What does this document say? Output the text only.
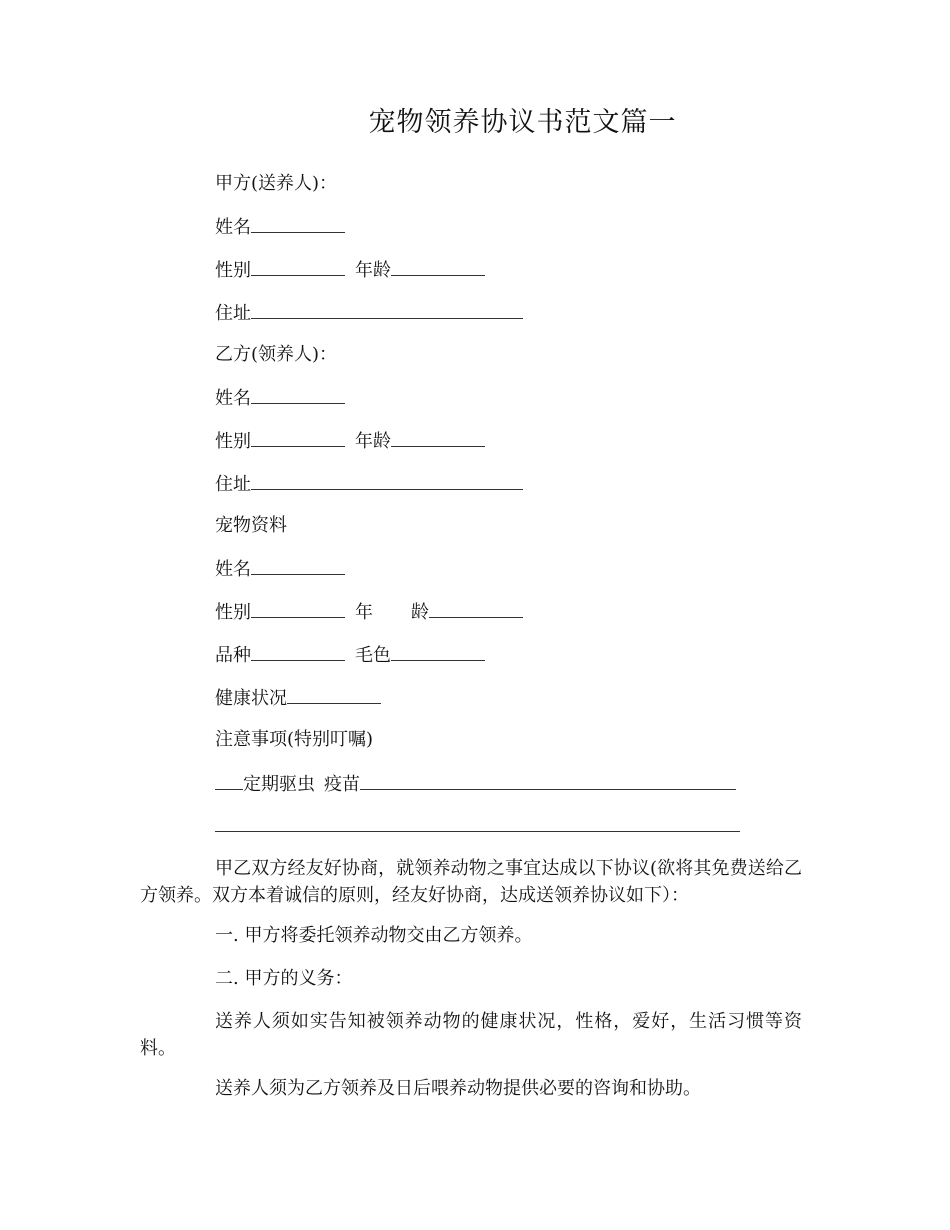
宠物领养协议书范文篇一
甲方(送养人)：
姓名
性别	年龄
住址
乙方(领养人)：
姓名
性别	年龄
住址
宠物资料
姓名
性别	年 龄
品种	毛色
健康状况
注意事项(特别叮嘱)
定期驱虫 疫苗
甲乙双方经友好协商，就领养动物之事宜达成以下协议(欲将其免费送给乙方领养。双方本着诚信的原则，经友好协商，达成送领养协议如下）：
一. 甲方将委托领养动物交由乙方领养。
二. 甲方的义务：
送养人须如实告知被领养动物的健康状况，性格，爱好，生活习惯等资料。
送养人须为乙方领养及日后喂养动物提供必要的咨询和协助。
